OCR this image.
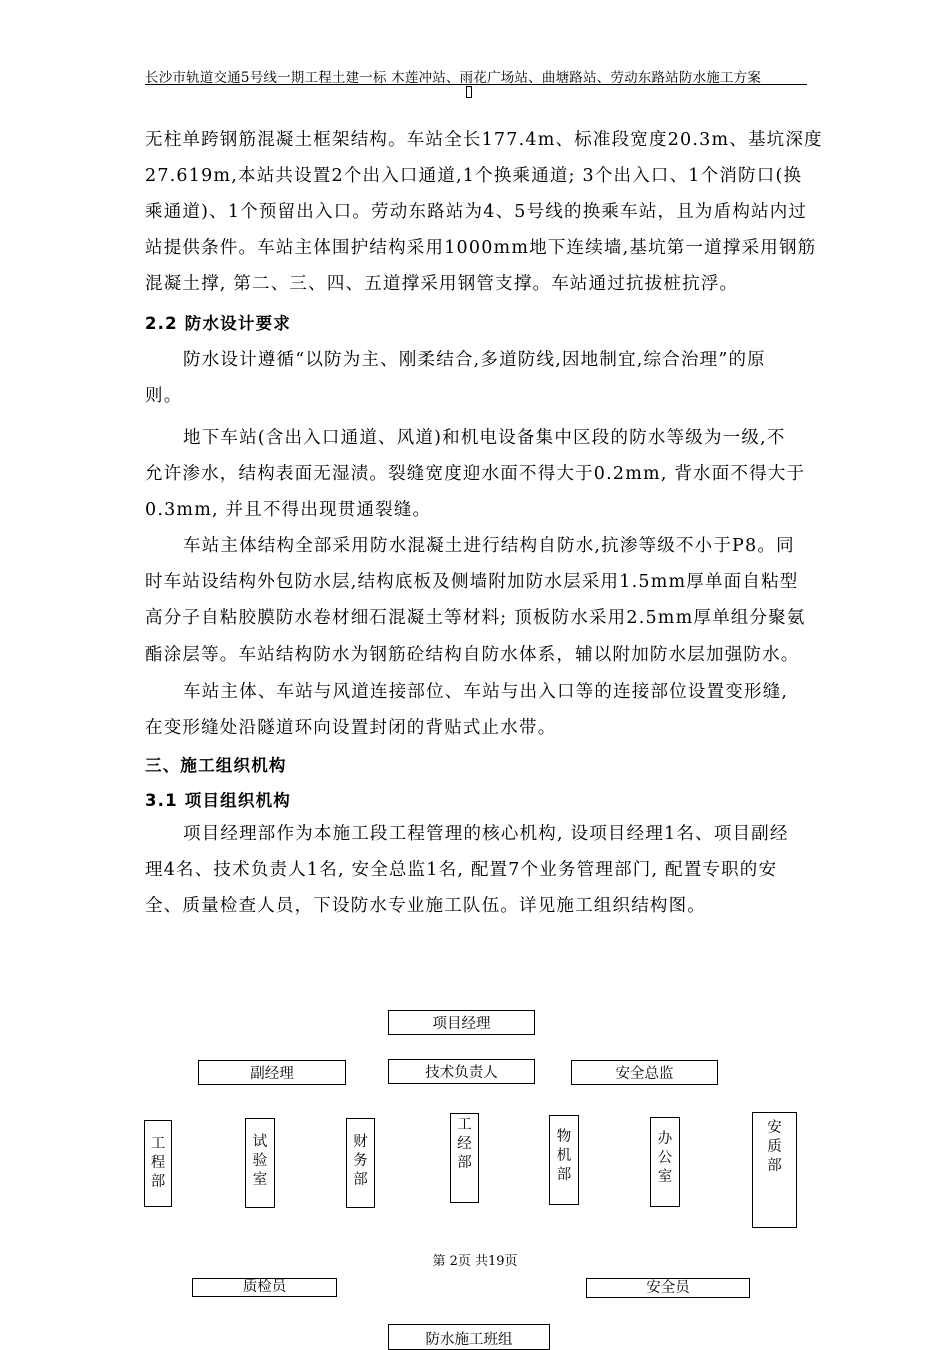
长沙市轨道交通5号线一期工程土建一标 木莲冲站、雨花广场站、曲塘路站、劳动东路站防水施工方案
无柱单跨钢筋混凝土框架结构。车站全长177.4m、标准段宽度20.3m、基坑深度
27.619m,本站共设置2个出入口通道,1个换乘通道; 3个出入口、1个消防口(换
乘通道)、1个预留出入口。劳动东路站为4、5号线的换乘车站，且为盾构站内过
站提供条件。车站主体围护结构采用1000mm地下连续墙,基坑第一道撑采用钢筋
混凝土撑, 第二、三、四、五道撑采用钢管支撑。车站通过抗拔桩抗浮。
2.2 防水设计要求
防水设计遵循“以防为主、刚柔结合,多道防线,因地制宜,综合治理”的原
则。
地下车站(含出入口通道、风道)和机电设备集中区段的防水等级为一级,不
允许渗水，结构表面无湿渍。裂缝宽度迎水面不得大于0.2mm, 背水面不得大于
0.3mm, 并且不得出现贯通裂缝。
车站主体结构全部采用防水混凝土进行结构自防水,抗渗等级不小于P8。同
时车站设结构外包防水层,结构底板及侧墙附加防水层采用1.5mm厚单面自粘型
高分子自粘胶膜防水卷材细石混凝土等材料; 顶板防水采用2.5mm厚单组分聚氨
酯涂层等。车站结构防水为钢筋砼结构自防水体系，辅以附加防水层加强防水。
车站主体、车站与风道连接部位、车站与出入口等的连接部位设置变形缝,
在变形缝处沿隧道环向设置封闭的背贴式止水带。
三、施工组织机构
3.1 项目组织机构
项目经理部作为本施工段工程管理的核心机构, 设项目经理1名、项目副经
理4名、技术负责人1名, 安全总监1名, 配置7个业务管理部门, 配置专职的安
全、质量检查人员，下设防水专业施工队伍。详见施工组织结构图。
项目经理
副经理	技术负责人	安全总监
工
程
部
试
验
室
财
务
部
工
经
部
物
机部
办
公室
安
质
部
第 2页 共19页
质检员	安全员
防水施工班组
